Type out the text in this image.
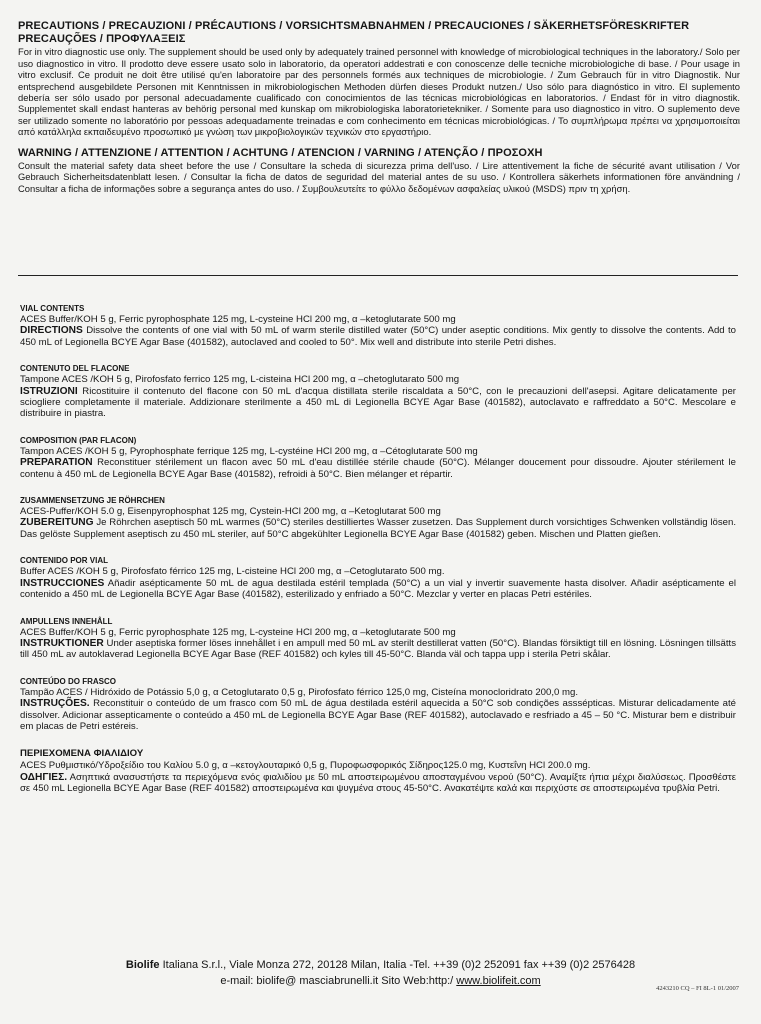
PRECAUTIONS / PRECAUZIONI / PRÉCAUTIONS / VORSICHTSMABNAHMEN / PRECAUCIONES / SÄKERHETSFÖRESKRIFTER
PRECAUÇÕES / ΠΡΟΦΥΛΑΞΕΙΣ
For in vitro diagnostic use only. The supplement should be used only by adequately trained personnel with knowledge of microbiological techniques in the laboratory./ Solo per uso diagnostico in vitro. Il prodotto deve essere usato solo in laboratorio, da operatori addestrati e con conoscenze delle tecniche microbiologiche di base. / Pour usage in vitro exclusif. Ce produit ne doit être utilisé qu'en laboratoire par des personnels formés aux techniques de microbiologie. / Zum Gebrauch für in vitro Diagnostik. Nur entsprechend ausgebildete Personen mit Kenntnissen in mikrobiologischen Methoden dürfen dieses Produkt nutzen./ Uso sólo para diagnóstico in vitro. El suplemento debería ser sólo usado por personal adecuadamente cualificado con conocimientos de las técnicas microbiológicas en laboratorios. / Endast för in vitro diagnostik. Supplementet skall endast hanteras av behörig personal med kunskap om mikrobiologiska laboratorietekniker. / Somente para uso diagnostico in vitro. O suplemento deve ser utilizado somente no laboratório por pessoas adequadamente treinadas e com conhecimento em técnicas microbiológicas. / Το συμπλήρωμα πρέπει να χρησιμοποιείται από κατάλληλα εκπαιδευμένο προσωπικό με γνώση των μικροβιολογικών τεχνικών στο εργαστήριο.
WARNING / ATTENZIONE / ATTENTION / ACHTUNG / ATENCION / VARNING / ATENÇÃO / ΠΡΟΣΟΧΗ
Consult the material safety data sheet before the use / Consultare la scheda di sicurezza prima dell'uso. / Lire attentivement la fiche de sécurité avant utilisation / Vor Gebrauch Sicherheitsdatenblatt lesen. / Consultar la ficha de datos de seguridad del material antes de su uso. / Kontrollera säkerhets informationen före användning / Consultar a ficha de informações sobre a segurança antes do uso. / Συμβουλευτείτε το φύλλο δεδομένων ασφαλείας υλικού (MSDS) πριν τη χρήση.
VIAL CONTENTS
ACES Buffer/KOH 5 g, Ferric pyrophosphate 125 mg, L-cysteine HCl 200 mg, α –ketoglutarate 500 mg
DIRECTIONS Dissolve the contents of one vial with 50 mL of warm sterile distilled water (50°C) under aseptic conditions. Mix gently to dissolve the contents. Add to 450 mL of Legionella BCYE Agar Base (401582), autoclaved and cooled to 50°. Mix well and distribute into sterile Petri dishes.
CONTENUTO DEL FLACONE
Tampone ACES /KOH 5 g, Pirofosfato ferrico 125 mg, L-cisteina HCl 200 mg, α –chetoglutarato 500 mg
ISTRUZIONI Ricostituire il contenuto del flacone con 50 mL d'acqua distillata sterile riscaldata a 50°C, con le precauzioni dell'asepsi. Agitare delicatamente per sciogliere completamente il materiale. Addizionare sterilmente a 450 mL di Legionella BCYE Agar Base (401582), autoclavato e raffreddato a 50°C. Mescolare e distribuire in piastra.
COMPOSITION (PAR FLACON)
Tampon ACES /KOH 5 g, Pyrophosphate ferrique 125 mg, L-cystéine HCl 200 mg, α –Cétoglutarate 500 mg
PREPARATION Reconstituer stérilement un flacon avec 50 mL d'eau distillée stérile chaude (50°C). Mélanger doucement pour dissoudre. Ajouter stérilement le contenu à 450 mL de Legionella BCYE Agar Base (401582), refroidi à 50°C. Bien mélanger et répartir.
ZUSAMMENSETZUNG JE RÖHRCHEN
ACES-Puffer/KOH 5.0 g, Eisenpyrophosphat 125 mg, Cystein-HCl 200 mg, α –Ketoglutarat 500 mg
ZUBEREITUNG Je Röhrchen aseptisch 50 mL warmes (50°C) steriles destilliertes Wasser zusetzen. Das Supplement durch vorsichtiges Schwenken vollständig lösen. Das gelöste Supplement aseptisch zu 450 mL steriler, auf 50°C abgekühlter Legionella BCYE Agar Base (401582) geben. Mischen und Platten gießen.
CONTENIDO POR VIAL
Buffer ACES /KOH 5 g, Pirofosfato férrico 125 mg, L-cisteine HCl 200 mg, α –Cetoglutarato 500 mg.
INSTRUCCIONES Añadir asépticamente 50 mL de agua destilada estéril templada (50°C) a un vial y invertir suavemente hasta disolver. Añadir asépticamente el contenido a 450 mL de Legionella BCYE Agar Base (401582), esterilizado y enfriado a 50°C. Mezclar y verter en placas Petri estériles.
AMPULLENS INNEHÅLL
ACES Buffer/KOH 5 g, Ferric pyrophosphate 125 mg, L-cysteine HCl 200 mg, α –ketoglutarate 500 mg
INSTRUKTIONER Under aseptiska former löses innehållet i en ampull med 50 mL av sterilt destillerat vatten (50°C). Blandas försiktigt till en lösning. Lösningen tillsätts till 450 mL av autoklaverad Legionella BCYE Agar Base (REF 401582) och kyles till 45-50°C. Blanda väl och tappa upp i sterila Petri skålar.
CONTEÚDO DO FRASCO
Tampão ACES / Hidróxido de Potássio 5,0 g, α Cetoglutarato 0,5 g, Pirofosfato férrico 125,0 mg, Cisteína monocloridrato 200,0 mg.
INSTRUÇÕES. Reconstituir o conteúdo de um frasco com 50 mL de água destilada estéril aquecida a 50°C sob condições asssépticas. Misturar delicadamente até dissolver. Adicionar assepticamente o conteúdo a 450 mL de Legionella BCYE Agar Base (REF 401582), autoclavado e resfriado a 45 – 50 °C. Misturar bem e distribuir em placas de Petri estéreis.
ΠΕΡΙΕΧΟΜΕΝΑ ΦΙΑΛΙΔΙΟΥ
ACES Ρυθμιστικό/Υδροξείδιο του Καλίου 5.0 g, α –κετογλουταρικό 0,5 g, Πυροφωσφορικός Σίδηρος125.0 mg, Κυστεΐνη HCl 200.0 mg.
ΟΔΗΓΙΕΣ. Ασηπτικά ανασυστήστε τα περιεχόμενα ενός φιαλιδίου με 50 mL αποστειρωμένου αποσταγμένου νερού (50°C). Αναμίξτε ήπια μέχρι διαλύσεως. Προσθέστε σε 450 mL Legionella BCYE Agar Base (REF 401582) αποστειρωμένα και ψυγμένα στους 45-50°C. Ανακατέψτε καλά και περιχύστε σε αποστειρωμένα τρυβλία Petri.
Biolife Italiana S.r.l., Viale Monza 272, 20128 Milan, Italia -Tel. ++39 (0)2 252091 fax ++39 (0)2 2576428
e-mail: biolife@ masciabrunelli.it Sito Web:http:/ www.biolifeit.com
4243210 CQ – FI 8L-1 01/2007
